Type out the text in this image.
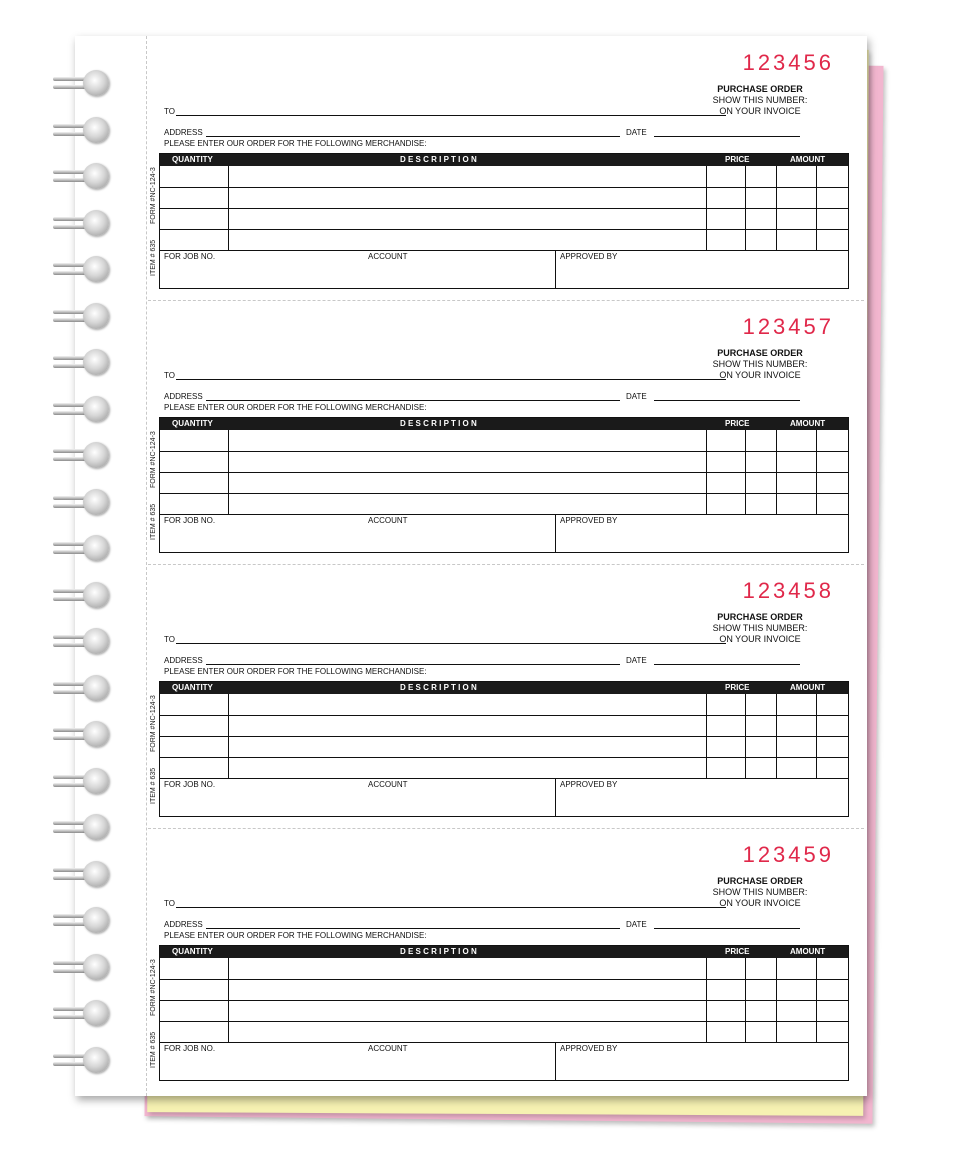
123456
PURCHASE ORDER
SHOW THIS NUMBER:
ON YOUR INVOICE
TO
ADDRESS	DATE
PLEASE ENTER OUR ORDER FOR THE FOLLOWING MERCHANDISE:
FORM #NC-124-3
ITEM # 635
QUANTITY	D E S C R I P T I O N	PRICE	AMOUNT
FOR JOB NO.	ACCOUNT	APPROVED BY
123457
PURCHASE ORDER
SHOW THIS NUMBER:
ON YOUR INVOICE
TO
ADDRESS	DATE
PLEASE ENTER OUR ORDER FOR THE FOLLOWING MERCHANDISE:
FORM #NC-124-3
ITEM # 635
QUANTITY	D E S C R I P T I O N	PRICE	AMOUNT
FOR JOB NO.	ACCOUNT	APPROVED BY
123458
PURCHASE ORDER
SHOW THIS NUMBER:
ON YOUR INVOICE
TO
ADDRESS	DATE
PLEASE ENTER OUR ORDER FOR THE FOLLOWING MERCHANDISE:
FORM #NC-124-3
ITEM # 635
QUANTITY	D E S C R I P T I O N	PRICE	AMOUNT
FOR JOB NO.	ACCOUNT	APPROVED BY
123459
PURCHASE ORDER
SHOW THIS NUMBER:
ON YOUR INVOICE
TO
ADDRESS	DATE
PLEASE ENTER OUR ORDER FOR THE FOLLOWING MERCHANDISE:
FORM #NC-124-3
ITEM # 635
QUANTITY	D E S C R I P T I O N	PRICE	AMOUNT
FOR JOB NO.	ACCOUNT	APPROVED BY
